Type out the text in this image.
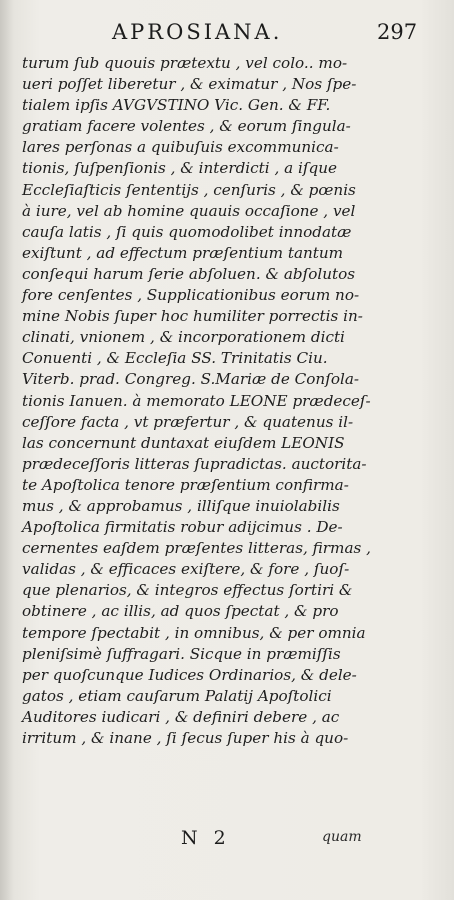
APROSIANA.	297
turum ſub quouis prætextu , vel colo.. mo-
ueri poſſet liberetur , & eximatur , Nos ſpe-
tialem ipſis AVGVSTINO Vic. Gen. & FF.
gratiam facere volentes , & eorum ſingula-
lares perſonas a quibuſuis excommunica-
tionis, ſuſpenſionis , & interdicti , a iſque
Eccleſiaſticis ſententijs , cenſuris , & pœnis
à iure, vel ab homine quauis occaſione , vel
cauſa latis , ſi quis quomodolibet innodatæ
exiſtunt , ad effectum præſentium tantum
conſequi harum ſerie abſoluen. & abſolutos
fore cenſentes , Supplicationibus eorum no-
mine Nobis ſuper hoc humiliter porrectis in-
clinati, vnionem , & incorporationem dicti
Conuenti , & Eccleſia SS. Trinitatis Ciu.
Viterb. prad. Congreg. S.Mariæ de Conſola-
tionis Ianuen. à memorato LEONE prædeceſ-
ceſſore facta , vt præfertur , & quatenus il-
las concernunt duntaxat eiuſdem LEONIS
prædeceſſoris litteras ſupradictas. auctorita-
te Apoſtolica tenore præſentium confirma-
mus , & approbamus , illiſque inuiolabilis
Apoſtolica firmitatis robur adijcimus . De-
cernentes eaſdem præſentes litteras, firmas ,
validas , & efficaces exiſtere, & fore , ſuoſ-
que plenarios, & integros effectus ſortiri &
obtinere , ac illis, ad quos ſpectat , & pro
tempore ſpectabit , in omnibus, & per omnia
pleniſsimè ſuffragari. Sicque in præmiſſis
per quoſcunque Iudices Ordinarios, & dele-
gatos , etiam cauſarum Palatij Apoſtolici
Auditores iudicari , & definiri debere , ac
irritum , & inane , ſi ſecus ſuper his à quo-
N 2	quam
